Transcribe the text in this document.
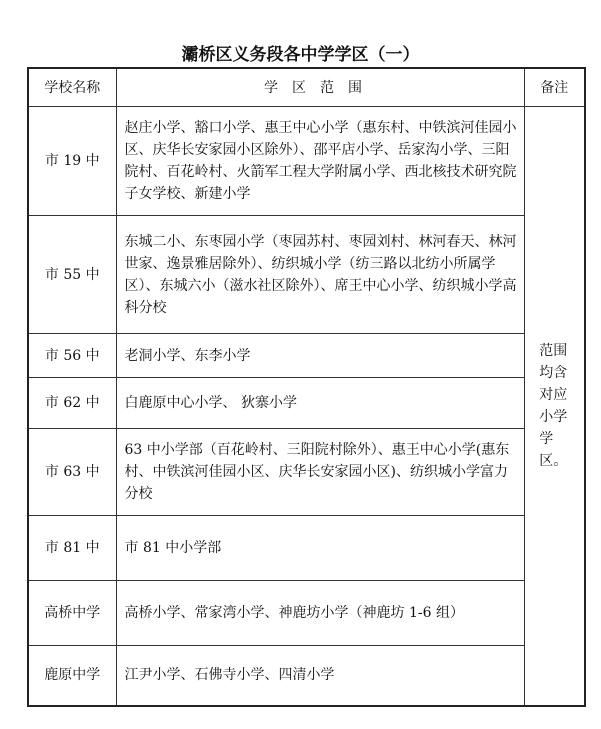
灞桥区义务段各中学学区（一）
学校名称	学区范围	备注
市 19 中	赵庄小学、豁口小学、惠王中心小学（惠东村、中铁滨河佳园小区、庆华长安家园小区除外）、邵平店小学、岳家沟小学、三阳院村、百花岭村、火箭军工程大学附属小学、西北核技术研究院子女学校、新建小学	范围均含对应小学学区。
市 55 中	东城二小、东枣园小学（枣园苏村、枣园刘村、林河春天、林河世家、逸景雅居除外）、纺织城小学（纺三路以北纺小所属学区）、东城六小（滋水社区除外）、席王中心小学、纺织城小学高科分校	
市 56 中	老洞小学、东李小学	
市 62 中	白鹿原中心小学、 狄寨小学	
市 63 中	63 中小学部（百花岭村、三阳院村除外）、惠王中心小学(惠东村、中铁滨河佳园小区、庆华长安家园小区)、纺织城小学富力分校	
市 81 中	市 81 中小学部	
高桥中学	高桥小学、常家湾小学、神鹿坊小学（神鹿坊 1-6 组）	
鹿原中学	江尹小学、石佛寺小学、四清小学	
